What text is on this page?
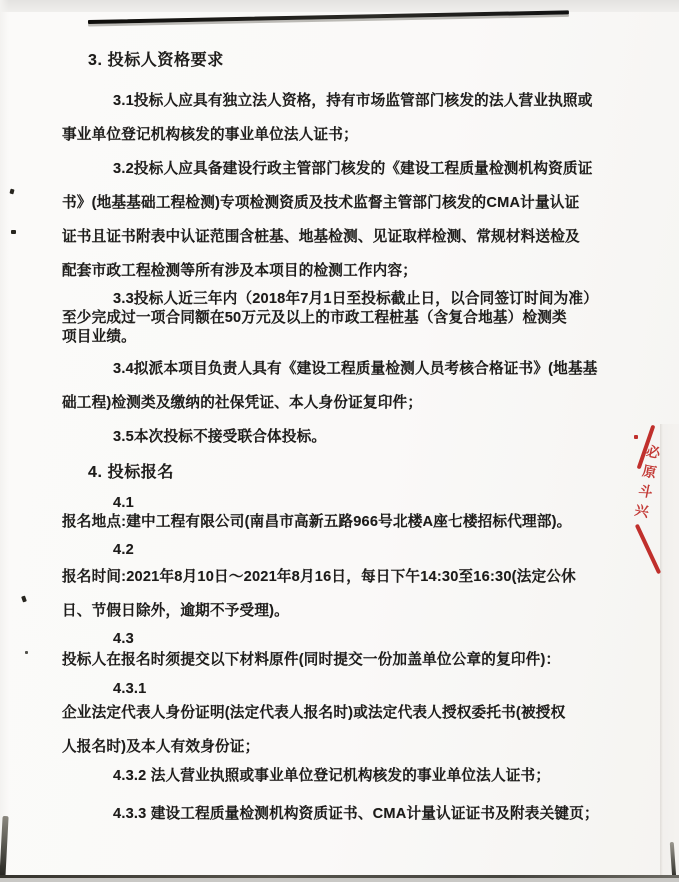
3. 投标人资格要求
3.1投标人应具有独立法人资格，持有市场监管部门核发的法人营业执照或
事业单位登记机构核发的事业单位法人证书；
3.2投标人应具备建设行政主管部门核发的《建设工程质量检测机构资质证
书》(地基基础工程检测)专项检测资质及技术监督主管部门核发的CMA计量认证
证书且证书附表中认证范围含桩基、地基检测、见证取样检测、常规材料送检及
配套市政工程检测等所有涉及本项目的检测工作内容；
3.3投标人近三年内（2018年7月1日至投标截止日，以合同签订时间为准）
至少完成过一项合同额在50万元及以上的市政工程桩基（含复合地基）检测类
项目业绩。
3.4拟派本项目负责人具有《建设工程质量检测人员考核合格证书》(地基基
础工程)检测类及缴纳的社保凭证、本人身份证复印件；
3.5本次投标不接受联合体投标。
4. 投标报名
4.1
报名地点:建中工程有限公司(南昌市高新五路966号北楼A座七楼招标代理部)。
4.2
报名时间:2021年8月10日～2021年8月16日，每日下午14:30至16:30(法定公休
日、节假日除外，逾期不予受理)。
4.3
投标人在报名时须提交以下材料原件(同时提交一份加盖单位公章的复印件)：
4.3.1
企业法定代表人身份证明(法定代表人报名时)或法定代表人授权委托书(被授权
人报名时)及本人有效身份证；
4.3.2 法人营业执照或事业单位登记机构核发的事业单位法人证书；
4.3.3 建设工程质量检测机构资质证书、CMA计量认证证书及附表关键页；
必原斗兴
